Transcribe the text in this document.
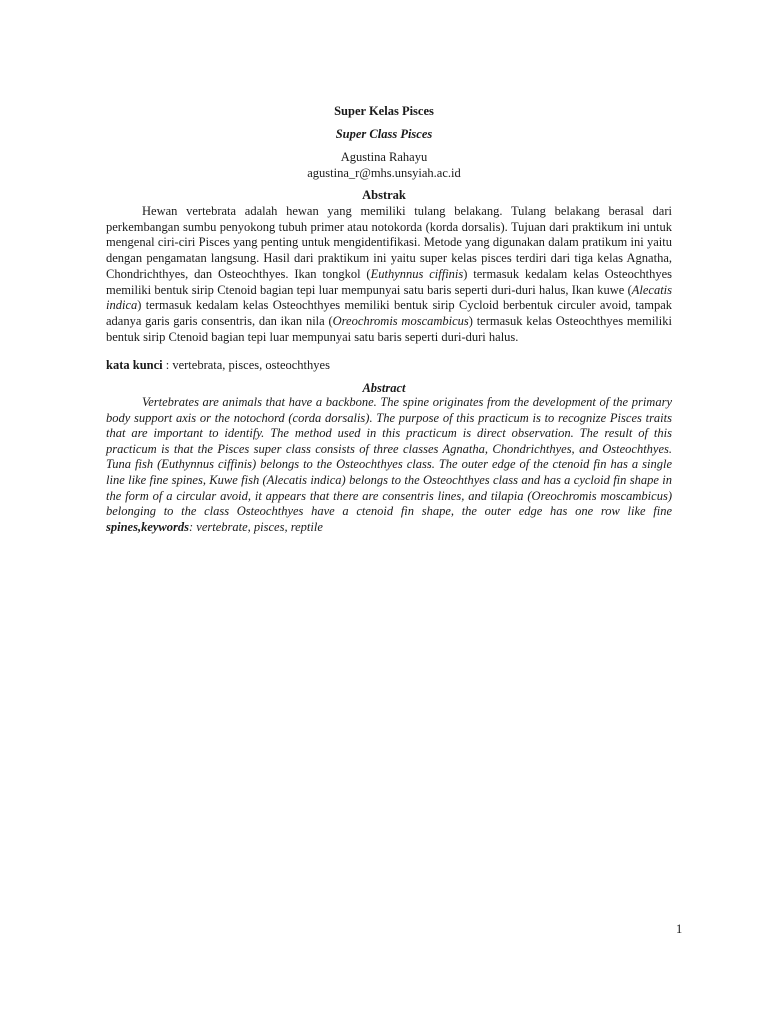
Super Kelas Pisces
Super Class Pisces
Agustina Rahayu
agustina_r@mhs.unsyiah.ac.id
Abstrak

Hewan vertebrata adalah hewan yang memiliki tulang belakang. Tulang belakang berasal dari perkembangan sumbu penyokong tubuh primer atau notokorda (korda dorsalis). Tujuan dari praktikum ini untuk mengenal ciri-ciri Pisces yang penting untuk mengidentifikasi. Metode yang digunakan dalam pratikum ini yaitu dengan pengamatan langsung. Hasil dari praktikum ini yaitu super kelas pisces terdiri dari tiga kelas Agnatha, Chondrichthyes, dan Osteochthyes. Ikan tongkol (Euthynnus ciffinis) termasuk kedalam kelas Osteochthyes memiliki bentuk sirip Ctenoid bagian tepi luar mempunyai satu baris seperti duri-duri halus, Ikan kuwe (Alecatis indica) termasuk kedalam kelas Osteochthyes memiliki bentuk sirip Cycloid berbentuk circuler avoid, tampak adanya garis garis consentris, dan ikan nila (Oreochromis moscambicus) termasuk kelas Osteochthyes memiliki bentuk sirip Ctenoid bagian tepi luar mempunyai satu baris seperti duri-duri halus.

kata kunci : vertebrata, pisces, osteochthyes
Abstract

Vertebrates are animals that have a backbone. The spine originates from the development of the primary body support axis or the notochord (corda dorsalis). The purpose of this practicum is to recognize Pisces traits that are important to identify. The method used in this practicum is direct observation. The result of this practicum is that the Pisces super class consists of three classes Agnatha, Chondrichthyes, and Osteochthyes. Tuna fish (Euthynnus ciffinis) belongs to the Osteochthyes class. The outer edge of the ctenoid fin has a single line like fine spines, Kuwe fish (Alecatis indica) belongs to the Osteochthyes class and has a cycloid fin shape in the form of a circular avoid, it appears that there are consentris lines, and tilapia (Oreochromis moscambicus) belonging to the class Osteochthyes have a ctenoid fin shape, the outer edge has one row like fine spines,keywords: vertebrate, pisces, reptile

1
